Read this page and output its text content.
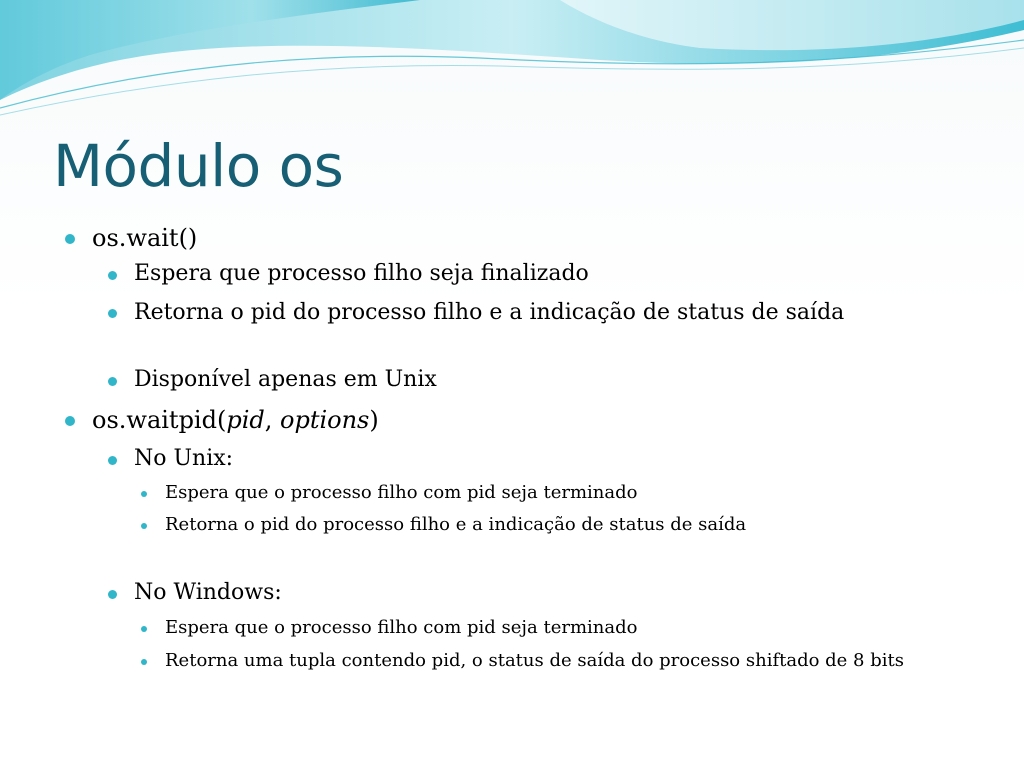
Módulo os
os.wait()
Espera que processo filho seja finalizado
Retorna o pid do processo filho e a indicação de status de saída
Disponível apenas em Unix
os.waitpid(pid, options)
No Unix:
Espera que o processo filho com pid seja terminado
Retorna o pid do processo filho e a indicação de status de saída
No Windows:
Espera que o processo filho com pid seja terminado
Retorna uma tupla contendo pid, o status de saída do processo shiftado de 8 bits
